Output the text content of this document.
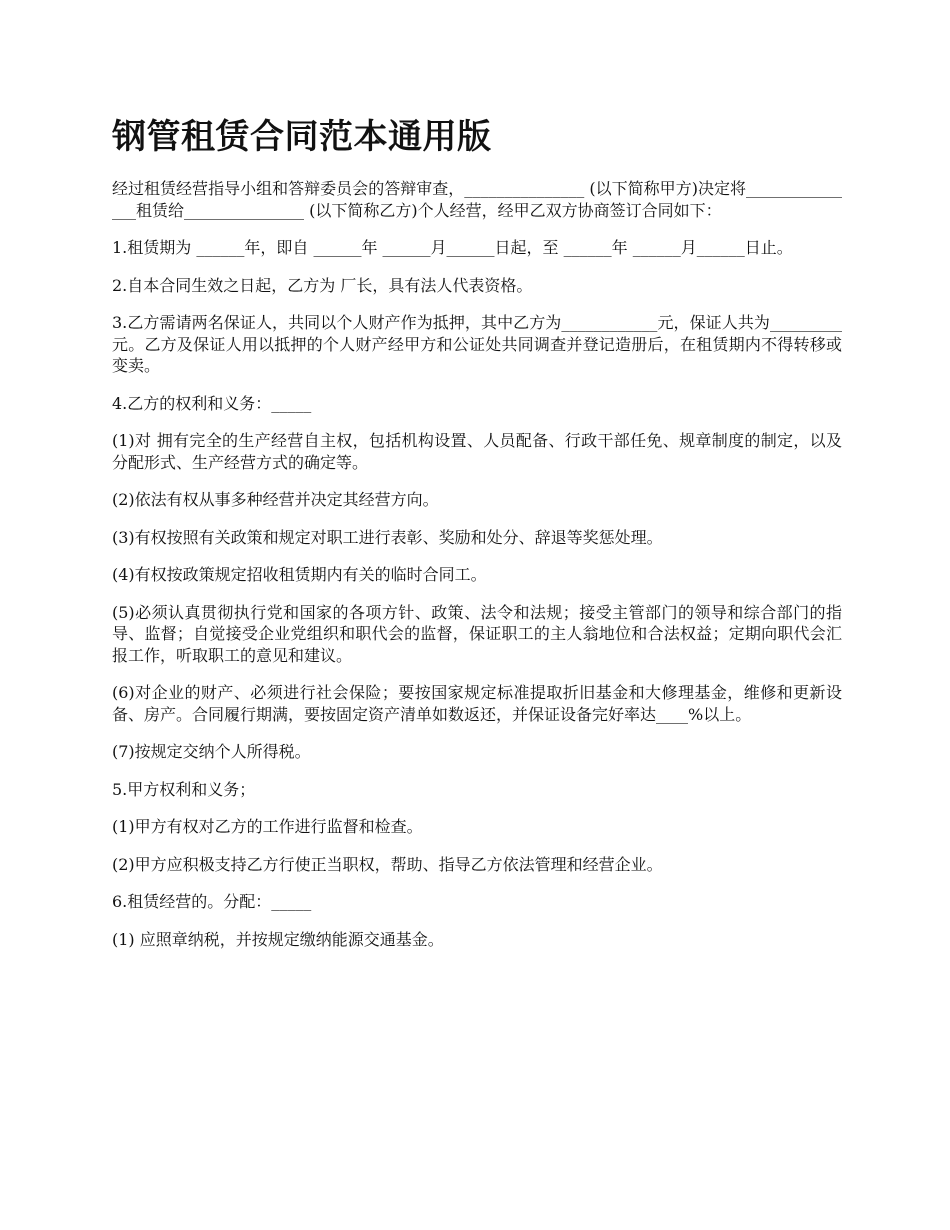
钢管租赁合同范本通用版

经过租赁经营指导小组和答辩委员会的答辩审查，_______________ (以下简称甲方)决定将_______________租赁给_______________ (以下简称乙方)个人经营，经甲乙双方协商签订合同如下：

1.租赁期为 ______年，即自 ______年 ______月______日起，至 ______年 ______月______日止。

2.自本合同生效之日起，乙方为 厂长，具有法人代表资格。

3.乙方需请两名保证人，共同以个人财产作为抵押，其中乙方为____________元，保证人共为_________元。乙方及保证人用以抵押的个人财产经甲方和公证处共同调查并登记造册后，在租赁期内不得转移或变卖。

4.乙方的权利和义务：_____

(1)对 拥有完全的生产经营自主权，包括机构设置、人员配备、行政干部任免、规章制度的制定，以及分配形式、生产经营方式的确定等。

(2)依法有权从事多种经营并决定其经营方向。

(3)有权按照有关政策和规定对职工进行表彰、奖励和处分、辞退等奖惩处理。

(4)有权按政策规定招收租赁期内有关的临时合同工。

(5)必须认真贯彻执行党和国家的各项方针、政策、法令和法规；接受主管部门的领导和综合部门的指导、监督；自觉接受企业党组织和职代会的监督，保证职工的主人翁地位和合法权益；定期向职代会汇报工作，听取职工的意见和建议。

(6)对企业的财产、必须进行社会保险；要按国家规定标准提取折旧基金和大修理基金，维修和更新设备、房产。合同履行期满，要按固定资产清单如数返还，并保证设备完好率达____%以上。

(7)按规定交纳个人所得税。

5.甲方权利和义务；

(1)甲方有权对乙方的工作进行监督和检查。

(2)甲方应积极支持乙方行使正当职权，帮助、指导乙方依法管理和经营企业。

6.租赁经营的。分配：_____

(1) 应照章纳税，并按规定缴纳能源交通基金。
